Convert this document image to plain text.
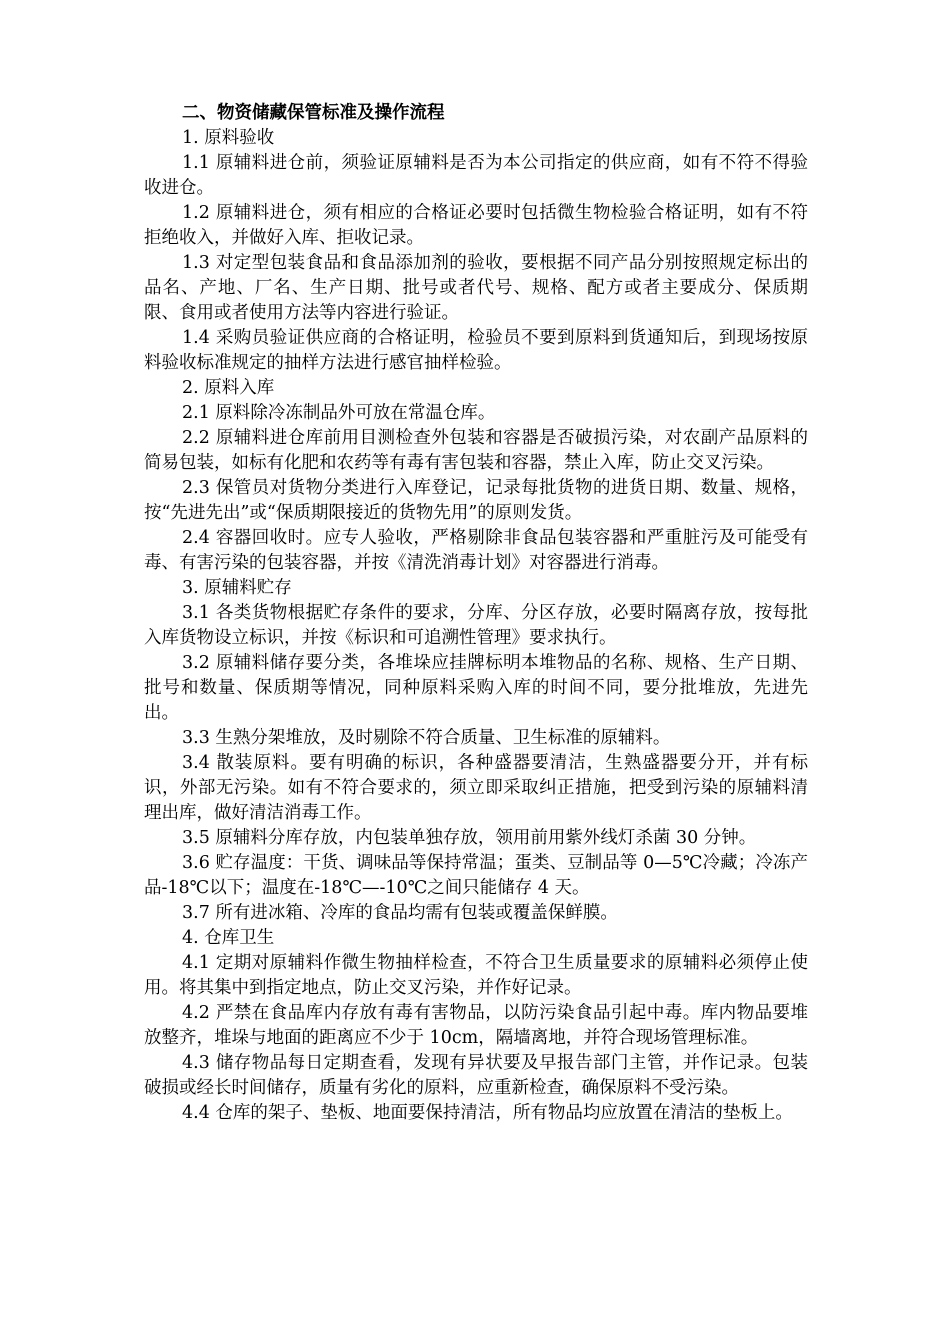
二、物资储藏保管标准及操作流程

1. 原料验收

1.1 原辅料进仓前，须验证原辅料是否为本公司指定的供应商，如有不符不得验收进仓。

1.2 原辅料进仓，须有相应的合格证必要时包括微生物检验合格证明，如有不符拒绝收入，并做好入库、拒收记录。

1.3 对定型包装食品和食品添加剂的验收，要根据不同产品分别按照规定标出的品名、产地、厂名、生产日期、批号或者代号、规格、配方或者主要成分、保质期限、食用或者使用方法等内容进行验证。

1.4 采购员验证供应商的合格证明，检验员不要到原料到货通知后，到现场按原料验收标准规定的抽样方法进行感官抽样检验。

2. 原料入库

2.1 原料除冷冻制品外可放在常温仓库。

2.2 原辅料进仓库前用目测检查外包装和容器是否破损污染，对农副产品原料的简易包装，如标有化肥和农药等有毒有害包装和容器，禁止入库，防止交叉污染。

2.3 保管员对货物分类进行入库登记，记录每批货物的进货日期、数量、规格，按“先进先出”或“保质期限接近的货物先用”的原则发货。

2.4 容器回收时。应专人验收，严格剔除非食品包装容器和严重脏污及可能受有毒、有害污染的包装容器，并按《清洗消毒计划》对容器进行消毒。

3. 原辅料贮存

3.1 各类货物根据贮存条件的要求，分库、分区存放，必要时隔离存放，按每批入库货物设立标识，并按《标识和可追溯性管理》要求执行。

3.2 原辅料储存要分类，各堆垛应挂牌标明本堆物品的名称、规格、生产日期、批号和数量、保质期等情况，同种原料采购入库的时间不同，要分批堆放，先进先出。

3.3 生熟分架堆放，及时剔除不符合质量、卫生标准的原辅料。

3.4 散装原料。要有明确的标识，各种盛器要清洁，生熟盛器要分开，并有标识，外部无污染。如有不符合要求的，须立即采取纠正措施，把受到污染的原辅料清理出库，做好清洁消毒工作。

3.5 原辅料分库存放，内包装单独存放，领用前用紫外线灯杀菌 30 分钟。

3.6 贮存温度：干货、调味品等保持常温；蛋类、豆制品等 0—5℃冷藏；冷冻产品-18℃以下；温度在-18℃—-10℃之间只能储存 4 天。

3.7 所有进冰箱、冷库的食品均需有包装或覆盖保鲜膜。

4. 仓库卫生

4.1 定期对原辅料作微生物抽样检查，不符合卫生质量要求的原辅料必须停止使用。将其集中到指定地点，防止交叉污染，并作好记录。

4.2 严禁在食品库内存放有毒有害物品，以防污染食品引起中毒。库内物品要堆放整齐，堆垛与地面的距离应不少于 10cm，隔墙离地，并符合现场管理标准。

4.3 储存物品每日定期查看，发现有异状要及早报告部门主管，并作记录。包装破损或经长时间储存，质量有劣化的原料，应重新检查，确保原料不受污染。

4.4 仓库的架子、垫板、地面要保持清洁，所有物品均应放置在清洁的垫板上。
